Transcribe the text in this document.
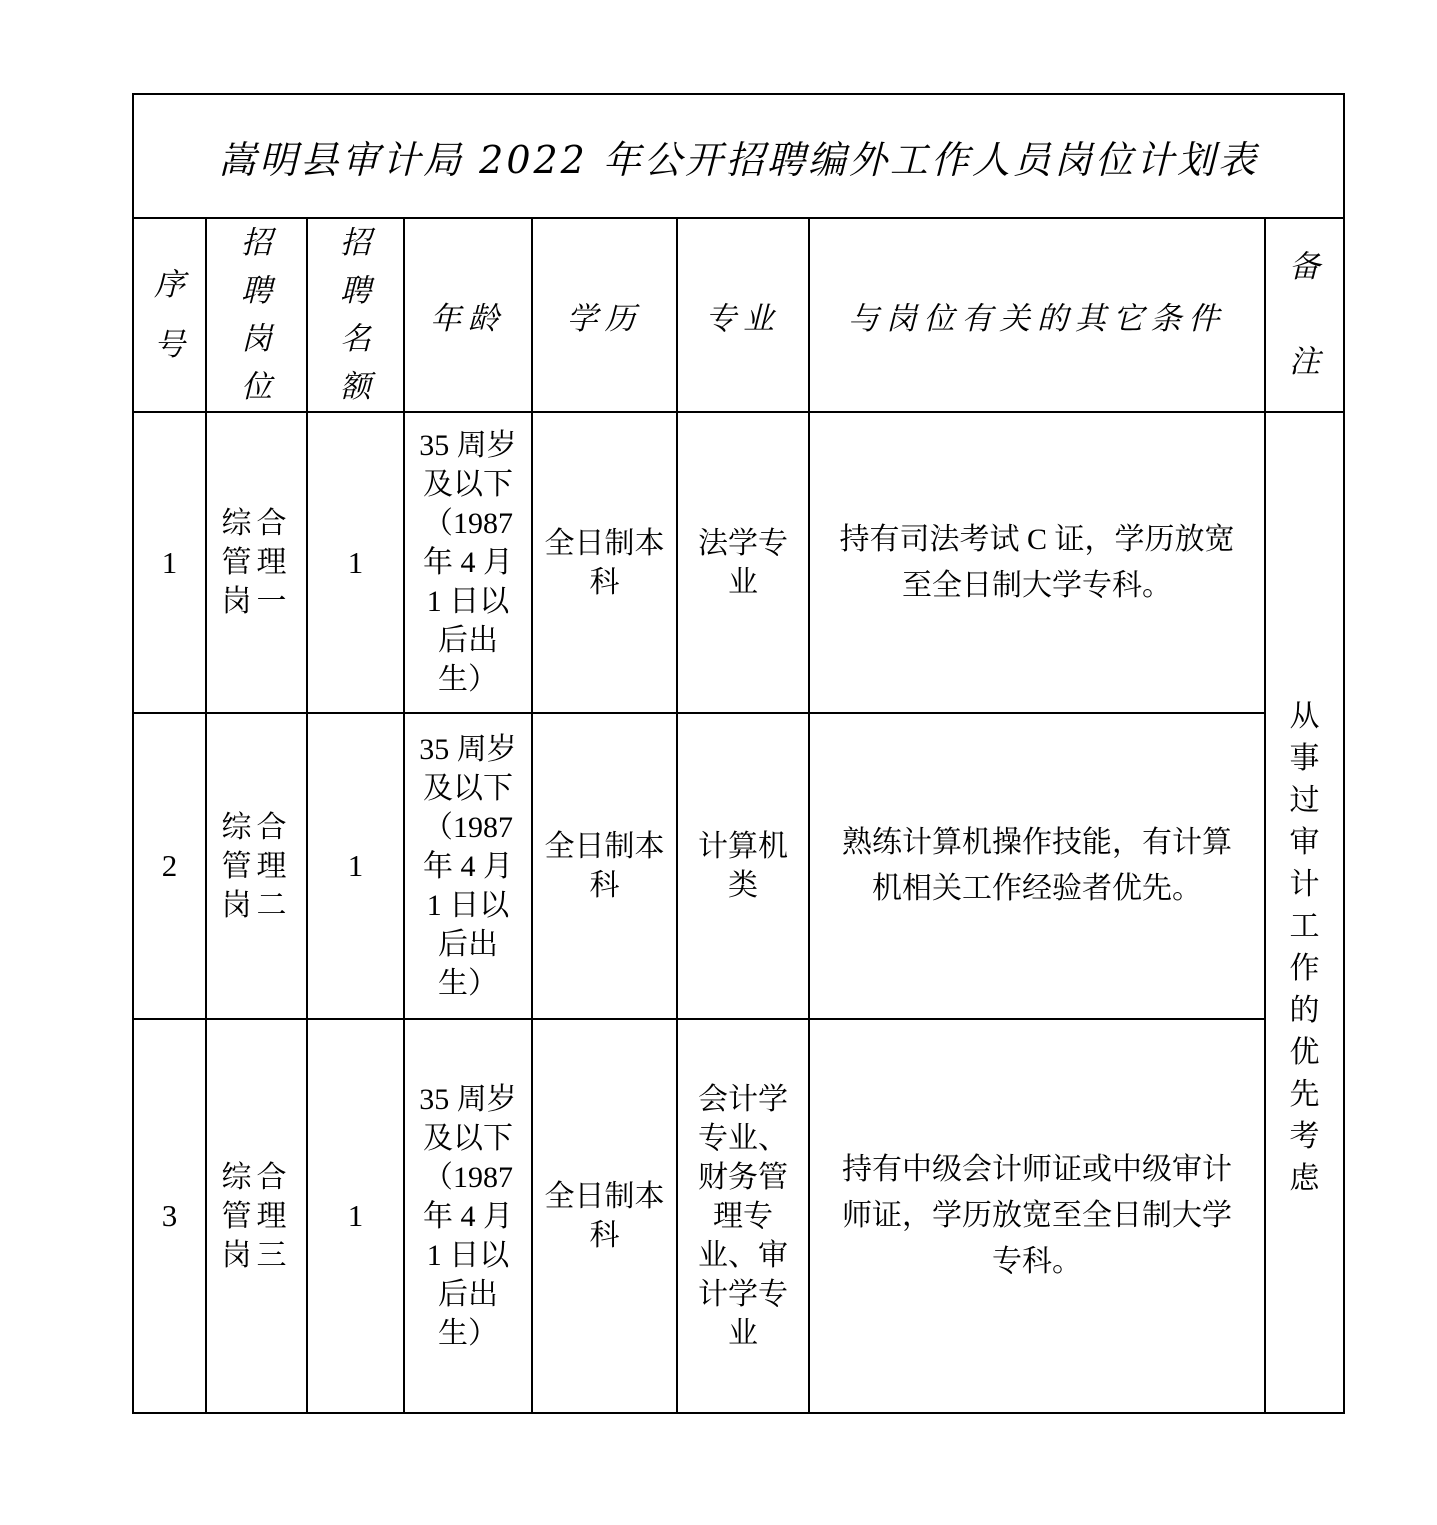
嵩明县审计局 2022 年公开招聘编外工作人员岗位计划表							

序号	招聘岗位	招聘名额	年龄	学历	专业	与岗位有关的其它条件	备注

1	综合管理岗一	1	35 周岁及以下（1987 年 4 月 1 日以后出生）	全日制本科	法学专业	持有司法考试 C 证，学历放宽至全日制大学专科。	从事过审计工作的优先考虑

2	综合管理岗二	1	35 周岁及以下（1987 年 4 月 1 日以后出生）	全日制本科	计算机类	熟练计算机操作技能，有计算机相关工作经验者优先。	

3	综合管理岗三	1	35 周岁及以下（1987 年 4 月 1 日以后出生）	全日制本科	会计学专业、财务管理专业、审计学专业	持有中级会计师证或中级审计师证，学历放宽至全日制大学专科。	
